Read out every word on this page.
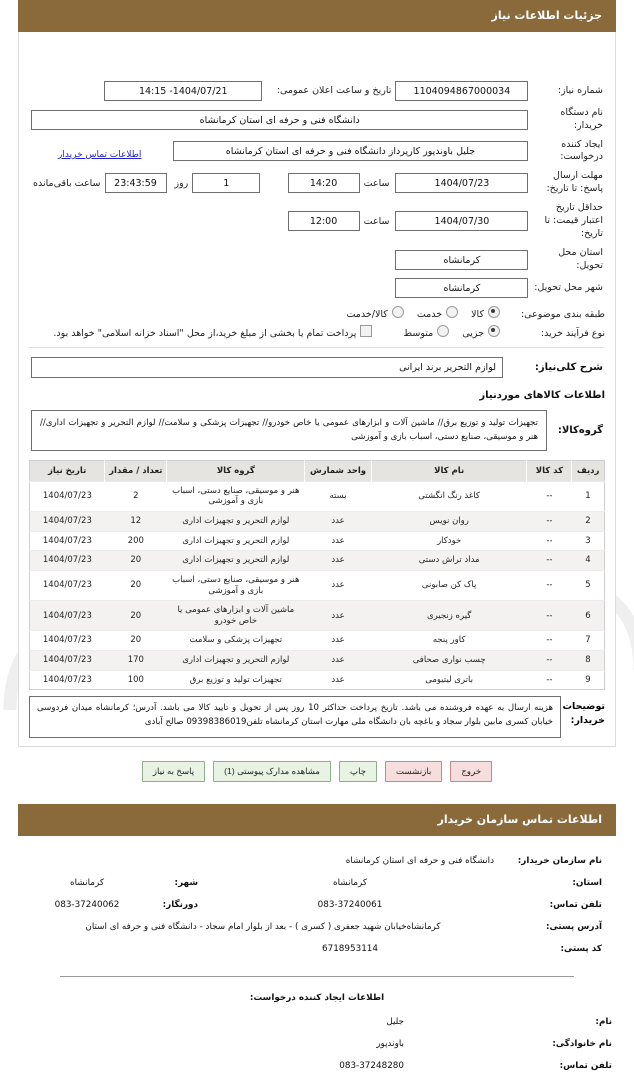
جزئیات اطلاعات نیاز
شماره نیاز:	
1104094867000034
	تاریخ و ساعت اعلان عمومی:	
1404/07/21- 14:15

نام دستگاه خریدار:	
دانشگاه فنی و حرفه ای استان کرمانشاه

ایجاد کننده درخواست:	
جلیل باوندپور کارپرداز دانشگاه فنی و حرفه ای استان کرمانشاه
	اطلاعات تماس خریدار
مهلت ارسال پاسخ: تا تاریخ:	
1404/07/23

ساعت	
14:20

1
	روز

23:43:59
	ساعت باقی‌مانده

حداقل تاریخ اعتبار قیمت: تا تاریخ:	
1404/07/30

ساعت	
12:00

استان محل تحویل:	
کرمانشاه

شهر محل تحویل:	
کرمانشاه

طبقه بندی موضوعی: کالا خدمت کالا/خدمت
نوع فرآیند خرید: جزیی متوسط پرداخت تمام یا بخشی از مبلغ خرید،از محل "اسناد خزانه اسلامی" خواهد بود.
شرح کلی‌نیاز:	
لوازم التحریر برند ایرانی
اطلاعات کالاهای موردنیاز
گروه‌کالا:	
تجهیزات تولید و توزیع برق// ماشین آلات و ابزارهای عمومی یا خاص خودرو// تجهیزات پزشکی و سلامت// لوازم التحریر و تجهیزات اداری// هنر و موسیقی، صنایع دستی، اسباب بازی و آموزشی
ردیف	کد کالا	نام کالا	واحد شمارش	گروه کالا	تعداد / مقدار	تاریخ نیاز
1	--	کاغذ رنگ انگشتی	بسته	هنر و موسیقی، صنایع دستی، اسباب بازی و آموزشی	2	1404/07/23
2	--	روان نویس	عدد	لوازم التحریر و تجهیزات اداری	12	1404/07/23
3	--	خودکار	عدد	لوازم التحریر و تجهیزات اداری	200	1404/07/23
4	--	مداد تراش دستی	عدد	لوازم التحریر و تجهیزات اداری	20	1404/07/23
5	--	پاک کن صابونی	عدد	هنر و موسیقی، صنایع دستی، اسباب بازی و آموزشی	20	1404/07/23
6	--	گیره زنجیری	عدد	ماشین آلات و ابزارهای عمومی یا خاص خودرو	20	1404/07/23
7	--	کاور پنجه	عدد	تجهیزات پزشکی و سلامت	20	1404/07/23
8	--	چسب نواری صحافی	عدد	لوازم التحریر و تجهیزات اداری	170	1404/07/23
9	--	باتری لیتیومی	عدد	تجهیزات تولید و توزیع برق	100	1404/07/23
توضیحات خریدار:
هزینه ارسال به عهده فروشنده می باشد. تاریخ پرداخت حداکثر 10 روز پس از تحویل و تایید کالا می باشد. آدرس؛ کرمانشاه میدان فردوسی خیابان کسری مابین بلوار سجاد و باغچه بان دانشگاه ملی مهارت استان کرمانشاه تلفن09398386019 صالح آبادی
خروج
بازنشست
چاپ
مشاهده مدارک پیوستی (1)
پاسخ به نیاز
اطلاعات تماس سازمان خریدار
نام سازمان خریدار:	دانشگاه فنی و حرفه ای استان کرمانشاه		
استان:	کرمانشاه	شهر:	کرمانشاه
تلفن تماس:	083-37240061	دورنگار:	083-37240062
آدرس پستی:	کرمانشاه‌خیابان شهید جعفری ( کسری ) - بعد از بلوار امام سجاد - دانشگاه فنی و حرفه ای استان		
کد پستی:	6718953114		
اطلاعات ایجاد کننده درخواست:
نام:	جلیل	
نام خانوادگی:	باوندپور	
تلفن تماس:	083-37248280	
